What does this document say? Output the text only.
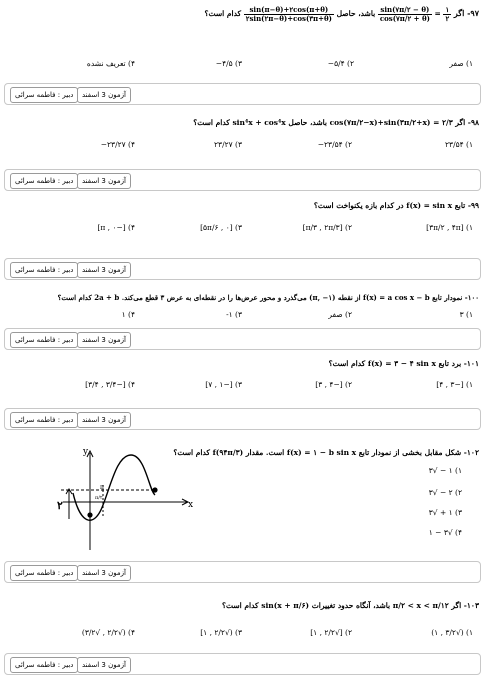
۹۷- اگر
$\frac{۱}{۲}$
=
$\frac{\sin(۷\pi/۲ - \theta)}{\cos(۷\pi/۲ + \theta)}$
باشد، حاصل
$\frac{\sin(\pi-\theta)+۲\cos(\pi+\theta)}{۲\sin(۲\pi-\theta)+\cos(۳\pi+\theta)}$
کدام است؟
۱) صفر
۲) ۵/۴−
۳) ۴/۵−
۴) تعریف نشده
دبیر : فاطمه سرائی	آزمون 3 اسفند
۹۸- اگر cos(۷π/۲−x)+sin(۳π/۲+x) = ۲/۳ باشد، حاصل sin⁴x + cos⁴x کدام است؟
۱) ۲۳/۵۴
۲) ۲۳/۵۴−
۳) ۲۳/۲۷
۴) ۲۳/۲۷−
دبیر : فاطمه سرائی	آزمون 3 اسفند
۹۹- تابع f(x) = sin x در کدام بازه یکنواخت است؟
۱) [۳π/۲ , ۴π]
۲) [π/۳ , ۲π/۳]
۳) [۰ , ۵π/۶]
۴) [−π , ۰]
دبیر : فاطمه سرائی	آزمون 3 اسفند
۱۰۰- نمودار تابع f(x) = a cos x − b از نقطه (π, −۱) می‌گذرد و محور عرض‌ها را در نقطه‌ای به عرض ۳ قطع می‌کند. 2a + b کدام است؟
۱) ۳
۲) صفر
۳) ۱-
۴) ۱
دبیر : فاطمه سرائی	آزمون 3 اسفند
۱۰۱- برد تابع f(x) = ۳ − ۴ sin x کدام است؟
۱) [−۳ , ۴]
۲) [−۴ , ۳]
۳) [−۱ , ۷]
۴) [−۳/۴ , ۳/۴]
دبیر : فاطمه سرائی	آزمون 3 اسفند
۱۰۲- شکل مقابل بخشی از نمودار تابع f(x) = ۱ − b sin x است. مقدار f(۹۴π/۳) کدام است؟
۱) ۱ − √۳
۲) ۲ − √۳
۳) ۱ + √۳
۴) √۳ − ۱
y
x
۲
π
π/۲
دبیر : فاطمه سرائی	آزمون 3 اسفند
۱۰۳- اگر π/۲ < x < π/۱۲ باشد، آنگاه حدود تغییرات sin(x + π/۶) کدام است؟
۱) (√۳/۲ , ۱)
۲) [√۲/۲ , ۱]
۳) (√۲/۲ , ۱]
۴) (√۲/۲ , √۳/۲)
دبیر : فاطمه سرائی	آزمون 3 اسفند
